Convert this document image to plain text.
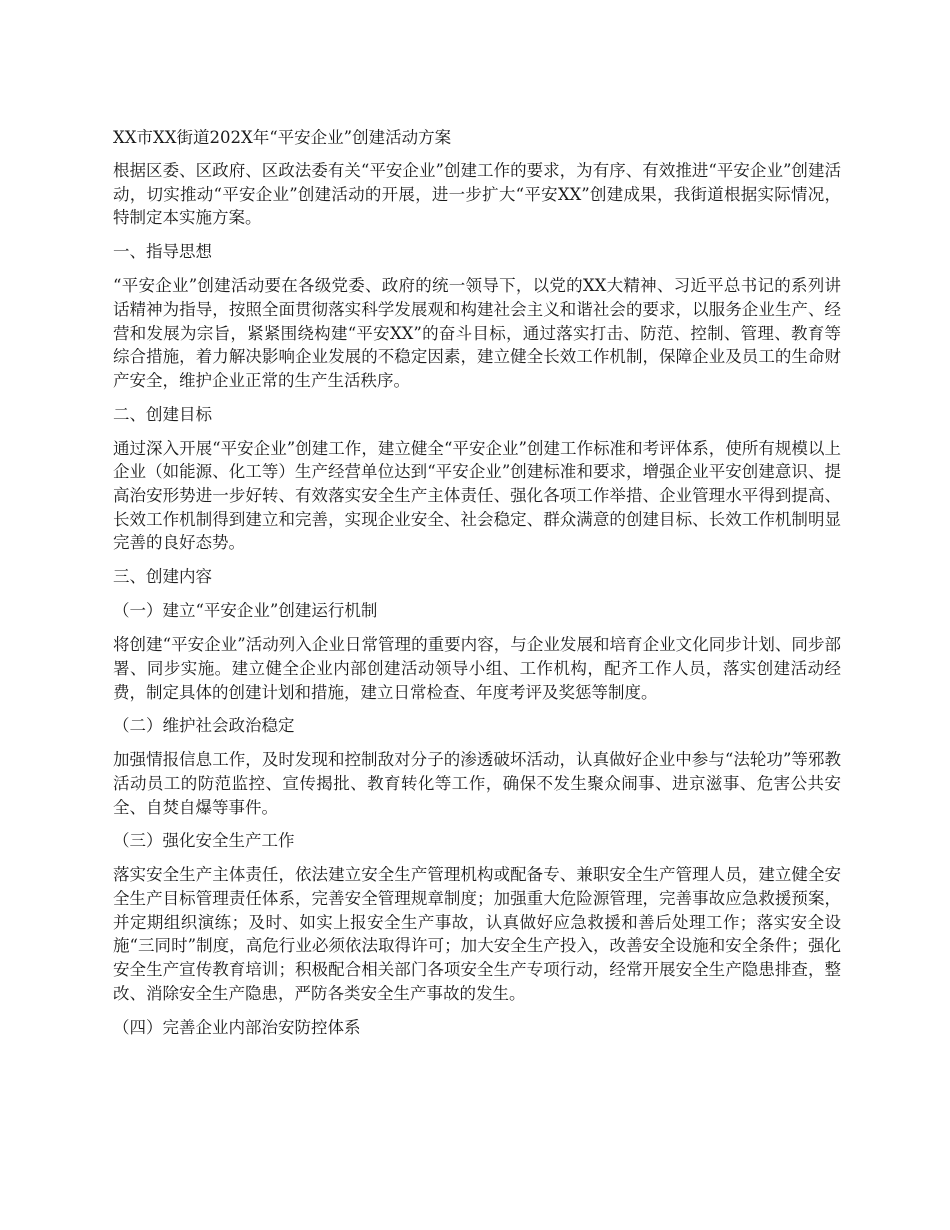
XX市XX街道202X年“平安企业”创建活动方案

根据区委、区政府、区政法委有关“平安企业”创建工作的要求，为有序、有效推进“平安企业”创建活动，切实推动“平安企业”创建活动的开展，进一步扩大“平安XX”创建成果，我街道根据实际情况，特制定本实施方案。

一、指导思想

“平安企业”创建活动要在各级党委、政府的统一领导下，以党的XX大精神、习近平总书记的系列讲话精神为指导，按照全面贯彻落实科学发展观和构建社会主义和谐社会的要求，以服务企业生产、经营和发展为宗旨，紧紧围绕构建“平安XX”的奋斗目标，通过落实打击、防范、控制、管理、教育等综合措施，着力解决影响企业发展的不稳定因素，建立健全长效工作机制，保障企业及员工的生命财产安全，维护企业正常的生产生活秩序。

二、创建目标

通过深入开展“平安企业”创建工作，建立健全“平安企业”创建工作标准和考评体系，使所有规模以上企业（如能源、化工等）生产经营单位达到“平安企业”创建标准和要求，增强企业平安创建意识、提高治安形势进一步好转、有效落实安全生产主体责任、强化各项工作举措、企业管理水平得到提高、长效工作机制得到建立和完善，实现企业安全、社会稳定、群众满意的创建目标、长效工作机制明显完善的良好态势。

三、创建内容
（一）建立“平安企业”创建运行机制

将创建“平安企业”活动列入企业日常管理的重要内容，与企业发展和培育企业文化同步计划、同步部署、同步实施。建立健全企业内部创建活动领导小组、工作机构，配齐工作人员，落实创建活动经费，制定具体的创建计划和措施，建立日常检查、年度考评及奖惩等制度。

（二）维护社会政治稳定

加强情报信息工作，及时发现和控制敌对分子的渗透破坏活动，认真做好企业中参与“法轮功”等邪教活动员工的防范监控、宣传揭批、教育转化等工作，确保不发生聚众闹事、进京滋事、危害公共安全、自焚自爆等事件。

（三）强化安全生产工作

落实安全生产主体责任，依法建立安全生产管理机构或配备专、兼职安全生产管理人员，建立健全安全生产目标管理责任体系，完善安全管理规章制度；加强重大危险源管理，完善事故应急救援预案，并定期组织演练；及时、如实上报安全生产事故，认真做好应急救援和善后处理工作；落实安全设施“三同时”制度，高危行业必须依法取得许可；加大安全生产投入，改善安全设施和安全条件；强化安全生产宣传教育培训；积极配合相关部门各项安全生产专项行动，经常开展安全生产隐患排查，整改、消除安全生产隐患，严防各类安全生产事故的发生。

（四）完善企业内部治安防控体系
